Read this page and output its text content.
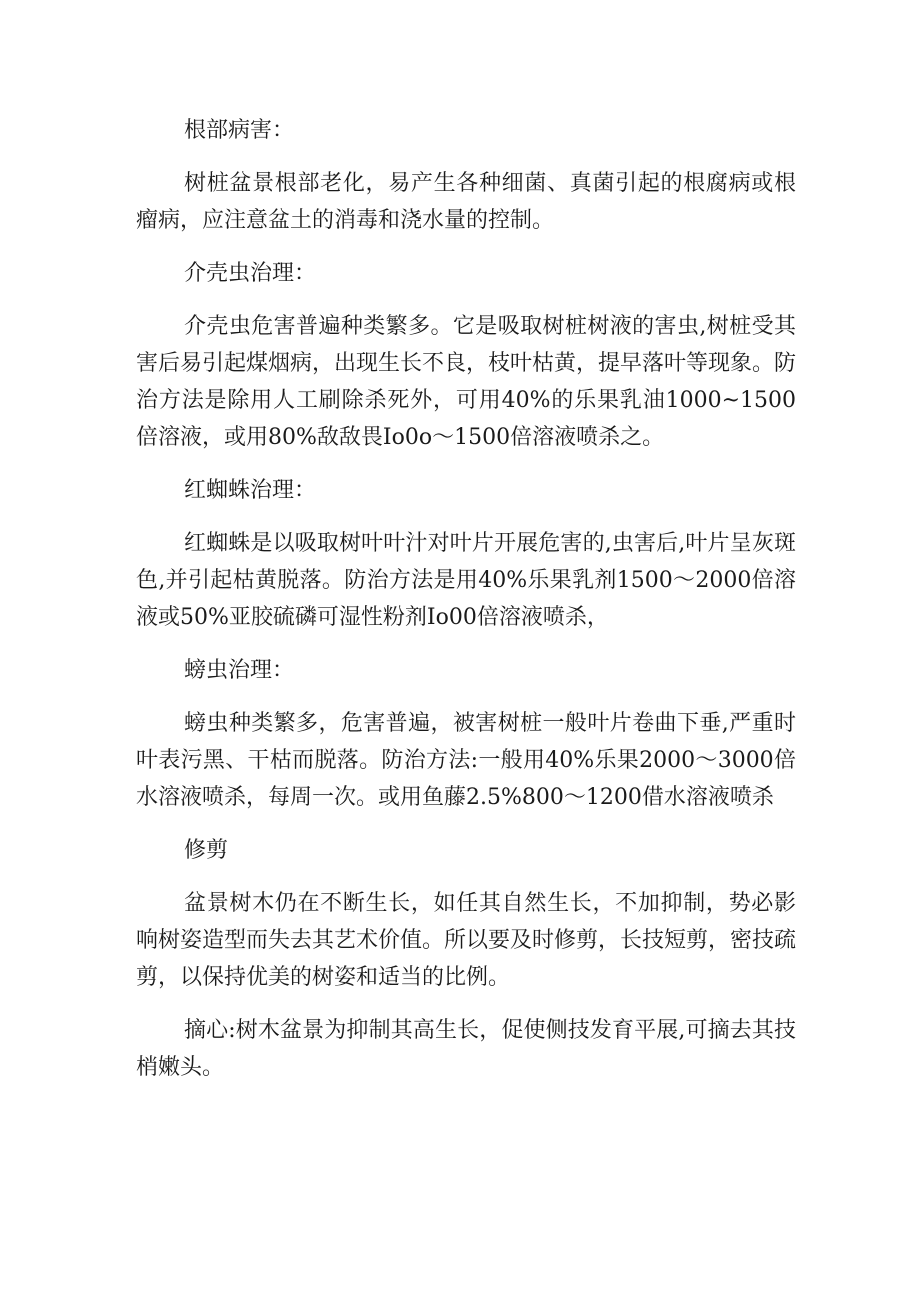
根部病害：

树桩盆景根部老化，易产生各种细菌、真菌引起的根腐病或根瘤病，应注意盆土的消毒和浇水量的控制。

介壳虫治理：

介壳虫危害普遍种类繁多。它是吸取树桩树液的害虫,树桩受其害后易引起煤烟病，出现生长不良，枝叶枯黄，提早落叶等现象。防治方法是除用人工刷除杀死外，可用40%的乐果乳油1000~1500倍溶液，或用80%敌敌畏Io0o～1500倍溶液喷杀之。

红蜘蛛治理：

红蜘蛛是以吸取树叶叶汁对叶片开展危害的,虫害后,叶片呈灰斑色,并引起枯黄脱落。防治方法是用40%乐果乳剂1500～2000倍溶液或50%亚胶硫磷可湿性粉剂Io00倍溶液喷杀，

螃虫治理：

螃虫种类繁多，危害普遍，被害树桩一般叶片卷曲下垂,严重时叶表污黑、干枯而脱落。防治方法:一般用40%乐果2000～3000倍水溶液喷杀，每周一次。或用鱼藤2.5%800～1200借水溶液喷杀

修剪

盆景树木仍在不断生长，如任其自然生长，不加抑制，势必影响树姿造型而失去其艺术价值。所以要及时修剪，长技短剪，密技疏剪，以保持优美的树姿和适当的比例。

摘心:树木盆景为抑制其高生长，促使侧技发育平展,可摘去其技梢嫩头。
